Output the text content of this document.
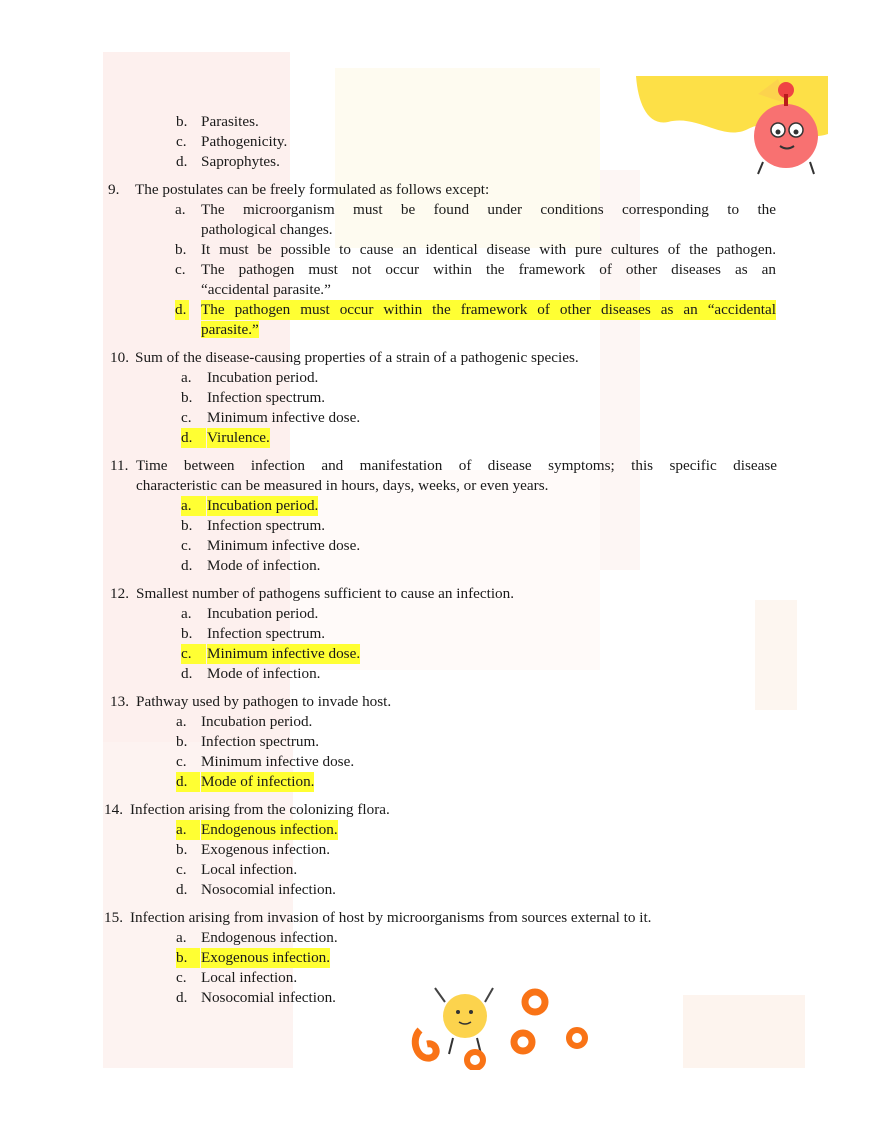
b. Parasites.
c. Pathogenicity.
d. Saprophytes.
9. The postulates can be freely formulated as follows except:
a. The microorganism must be found under conditions corresponding to the
pathological changes.
b. It must be possible to cause an identical disease with pure cultures of the pathogen.
c. The pathogen must not occur within the framework of other diseases as an
“accidental parasite.”
d. The pathogen must occur within the framework of other diseases as an “accidental
parasite.”
10. Sum of the disease-causing properties of a strain of a pathogenic species.
a. Incubation period.
b. Infection spectrum.
c. Minimum infective dose.
d. Virulence.
11. Time between infection and manifestation of disease symptoms; this specific disease
characteristic can be measured in hours, days, weeks, or even years.
a.	Incubation period.
b. Infection spectrum.
c. Minimum infective dose.
d. Mode of infection.
12. Smallest number of pathogens sufficient to cause an infection.
a. Incubation period.
b. Infection spectrum.
c.	Minimum infective dose.
d. Mode of infection.
13. Pathway used by pathogen to invade host.
a. Incubation period.
b. Infection spectrum.
c. Minimum infective dose.
d. Mode of infection.
14. Infection arising from the colonizing flora.
a. Endogenous infection.
b. Exogenous infection.
c. Local infection.
d. Nosocomial infection.
15. Infection arising from invasion of host by microorganisms from sources external to it.
a. Endogenous infection.
b. Exogenous infection.
c. Local infection.
d. Nosocomial infection.
